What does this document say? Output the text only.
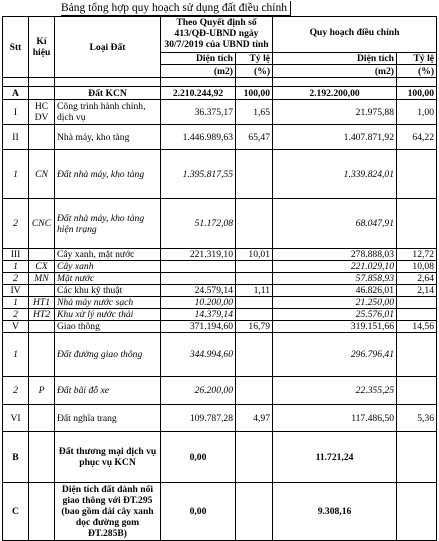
Bảng tổng hợp quy hoạch sử dụng đất điều chỉnh
Stt	Kí hiệu	Loại Đất	Theo Quyết định số 413/QĐ-UBND ngày 30/7/2019 của UBND tỉnh		Quy hoạch điều chỉnh	
			Diện tích	Tỷ lệ	Diện tích	Tỷ lệ
			(m2)	(%)	(m2)	(%)

A		Đất KCN	2.210.244,92	100,00	2.192.200,00	100,00
I	HC DV	Công trình hành chính, dịch vụ	36.375,17	1,65	21.975,88	1,00
II		Nhà máy, kho tàng	1.446.989,63	65,47	1.407.871,92	64,22
1	CN	Đất nhà máy, kho tàng	1.395.817,55		1.339.824,01	
2	CNC	Đất nhà máy, kho tàng hiện trạng	51.172,08		68.047,91	
III		Cây xanh, mặt nước	221.319,10	10,01	278.888,03	12,72
1	CX	Cây xanh			221.029,10	10,08
2	MN	Mặt nước			57.858,93	2,64
IV		Các khu kỹ thuật	24.579,14	1,11	46.826,01	2,14
1	HT1	Nhà máy nước sạch	10.200,00		21.250,00	
2	HT2	Khu xử lý nước thải	14.379,14		25.576,01	
V		Giao thông	371.194,60	16,79	319.151,66	14,56
1		Đất đường giao thông	344.994,60		296.796,41	
2	P	Đất bãi đỗ xe	26.200,00		22.355,25	
VI		Đất nghĩa trang	109.787,28	4,97	117.486,50	5,36
B		Đất thương mại dịch vụ phục vụ KCN	0,00		11.721,24	
C		Diện tích đất dành nối giao thông với ĐT.295 (bao gồm dải cây xanh dọc đường gom ĐT.285B)	0,00		9.308,16	
